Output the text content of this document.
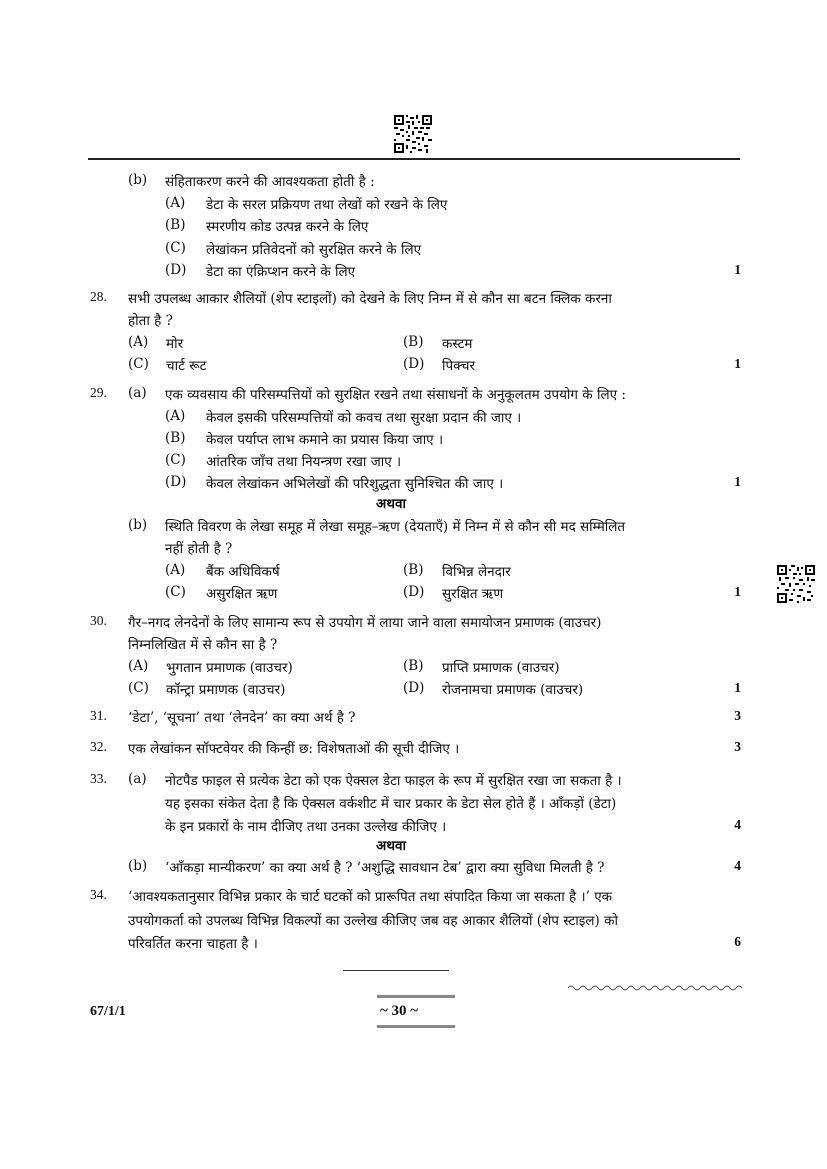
(b) संहिताकरण करने की आवश्यकता होती है :
(A) डेटा के सरल प्रक्रियण तथा लेखों को रखने के लिए
(B) स्मरणीय कोड उत्पन्न करने के लिए
(C) लेखांकन प्रतिवेदनों को सुरक्षित करने के लिए
(D) डेटा का एंक्रिप्शन करने के लिए	1
28. सभी उपलब्ध आकार शैलियों (शेप स्टाइलों) को देखने के लिए निम्न में से कौन सा बटन क्लिक करना
होता है ?
(A) मोर	(B) कस्टम
(C) चार्ट रूट	(D) पिक्चर	1
29. (a) एक व्यवसाय की परिसम्पत्तियों को सुरक्षित रखने तथा संसाधनों के अनुकूलतम उपयोग के लिए :
(A) केवल इसकी परिसम्पत्तियों को कवच तथा सुरक्षा प्रदान की जाए ।
(B) केवल पर्याप्त लाभ कमाने का प्रयास किया जाए ।
(C) आंतरिक जाँच तथा नियन्त्रण रखा जाए ।
(D) केवल लेखांकन अभिलेखों की परिशुद्धता सुनिश्चित की जाए ।	1
अथवा
(b) स्थिति विवरण के लेखा समूह में लेखा समूह–ऋण (देयताएँ) में निम्न में से कौन सी मद सम्मिलित
नहीं होती है ?
(A) बैंक अधिविकर्ष	(B) विभिन्न लेनदार
(C) असुरक्षित ऋण	(D) सुरक्षित ऋण	1
30. गैर–नगद लेनदेनों के लिए सामान्य रूप से उपयोग में लाया जाने वाला समायोजन प्रमाणक (वाउचर)
निम्नलिखित में से कौन सा है ?
(A) भुगतान प्रमाणक (वाउचर)	(B) प्राप्ति प्रमाणक (वाउचर)
(C) कॉन्ट्रा प्रमाणक (वाउचर)	(D) रोजनामचा प्रमाणक (वाउचर)	1
31. ‘डेटा’, ‘सूचना’ तथा ‘लेनदेन’ का क्या अर्थ है ?	3
32. एक लेखांकन सॉफ्टवेयर की किन्हीं छ: विशेषताओं की सूची दीजिए ।	3
33. (a) नोटपैड फाइल से प्रत्येक डेटा को एक ऐक्सल डेटा फाइल के रूप में सुरक्षित रखा जा सकता है ।
यह इसका संकेत देता है कि ऐक्सल वर्कशीट में चार प्रकार के डेटा सेल होते हैं । आँकड़ों (डेटा)
के इन प्रकारों के नाम दीजिए तथा उनका उल्लेख कीजिए ।	4
अथवा
(b) ‘आँकड़ा मान्यीकरण’ का क्या अर्थ है ? ‘अशुद्धि सावधान टेब’ द्वारा क्या सुविधा मिलती है ?	4
34. ‘आवश्यकतानुसार विभिन्न प्रकार के चार्ट घटकों को प्रारूपित तथा संपादित किया जा सकता है ।’ एक
उपयोगकर्ता को उपलब्ध विभिन्न विकल्पों का उल्लेख कीजिए जब वह आकार शैलियों (शेप स्टाइल) को
परिवर्तित करना चाहता है ।	6
67/1/1	~ 30 ~
